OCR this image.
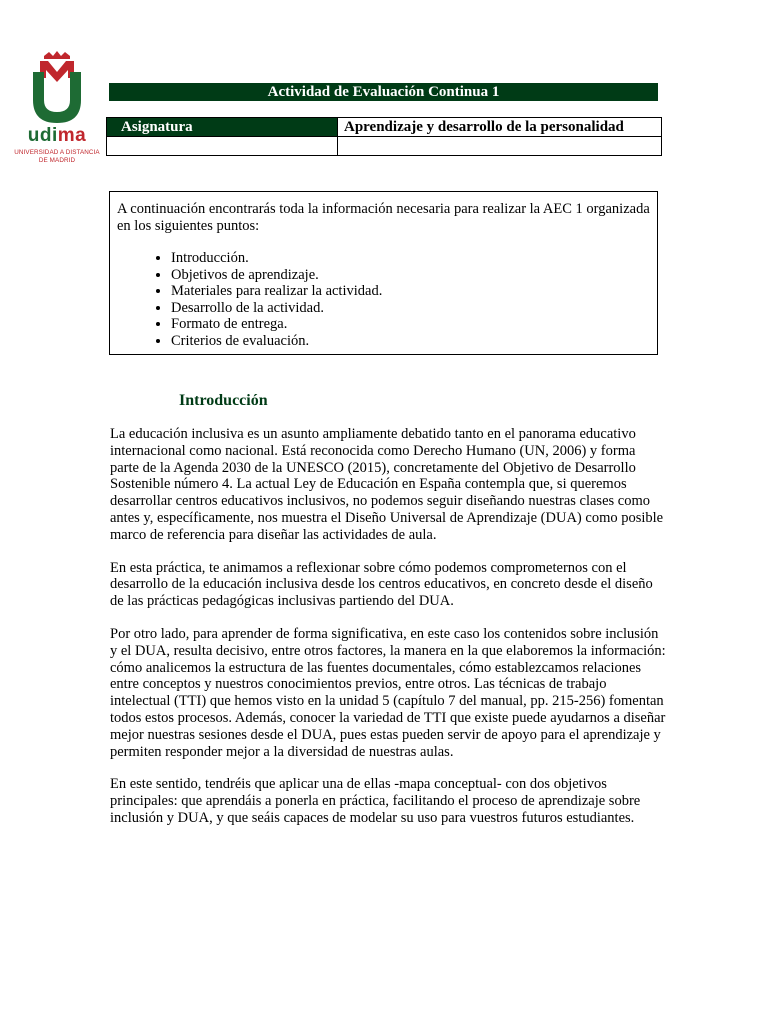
udima
UNIVERSIDAD A DISTANCIA
DE MADRID
Actividad de Evaluación Continua 1
Asignatura	Aprendizaje y desarrollo de la personalidad

A continuación encontrarás toda la información necesaria para realizar la AEC 1 organizada en los siguientes puntos:

• Introducción.
• Objetivos de aprendizaje.
• Materiales para realizar la actividad.
• Desarrollo de la actividad.
• Formato de entrega.
• Criterios de evaluación.
Introducción

La educación inclusiva es un asunto ampliamente debatido tanto en el panorama educativo internacional como nacional. Está reconocida como Derecho Humano (UN, 2006) y forma parte de la Agenda 2030 de la UNESCO (2015), concretamente del Objetivo de Desarrollo Sostenible número 4. La actual Ley de Educación en España contempla que, si queremos desarrollar centros educativos inclusivos, no podemos seguir diseñando nuestras clases como antes y, específicamente, nos muestra el Diseño Universal de Aprendizaje (DUA) como posible marco de referencia para diseñar las actividades de aula.

En esta práctica, te animamos a reflexionar sobre cómo podemos comprometernos con el desarrollo de la educación inclusiva desde los centros educativos, en concreto desde el diseño de las prácticas pedagógicas inclusivas partiendo del DUA.

Por otro lado, para aprender de forma significativa, en este caso los contenidos sobre inclusión y el DUA, resulta decisivo, entre otros factores, la manera en la que elaboremos la información: cómo analicemos la estructura de las fuentes documentales, cómo establezcamos relaciones entre conceptos y nuestros conocimientos previos, entre otros. Las técnicas de trabajo intelectual (TTI) que hemos visto en la unidad 5 (capítulo 7 del manual, pp. 215-256) fomentan todos estos procesos. Además, conocer la variedad de TTI que existe puede ayudarnos a diseñar mejor nuestras sesiones desde el DUA, pues estas pueden servir de apoyo para el aprendizaje y permiten responder mejor a la diversidad de nuestras aulas.

En este sentido, tendréis que aplicar una de ellas -mapa conceptual- con dos objetivos principales: que aprendáis a ponerla en práctica, facilitando el proceso de aprendizaje sobre inclusión y DUA, y que seáis capaces de modelar su uso para vuestros futuros estudiantes.
